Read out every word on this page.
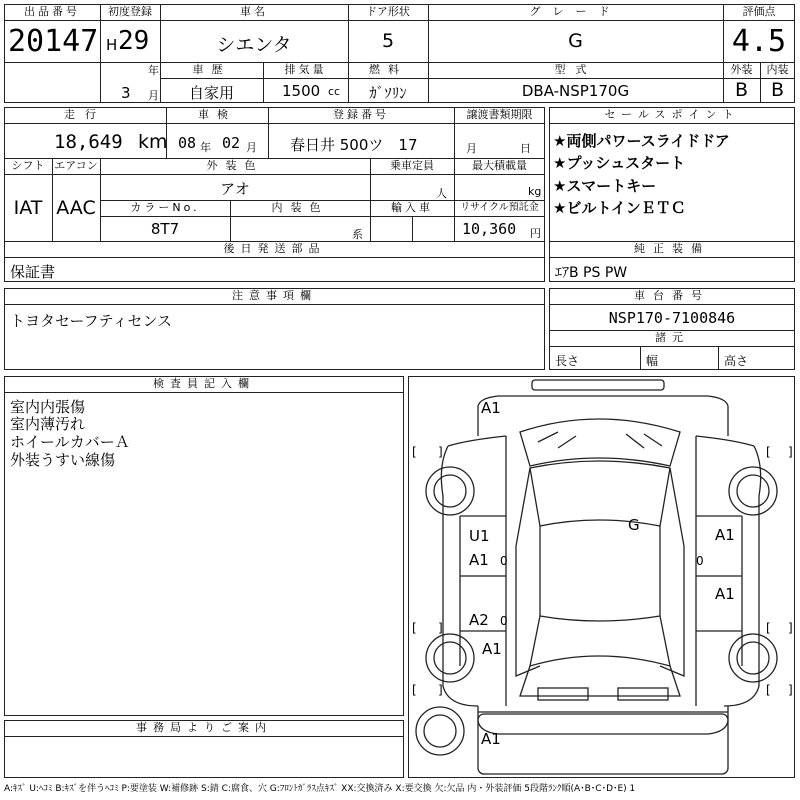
出品番号
20147
初度登録
H 29
年
3 月
車名
シエンタ
ドア形状
5
グレード
G
評価点
4.5
外装	内装
B	B
車歴
自家用
排気量
1500 cc
燃料
ｶﾞｿﾘﾝ
型式
DBA-NSP170G
走行
18,649 km
車検
08 年 02 月
登録番号
春日井 500ツ　17
譲渡書類期限
月	日
シフト
IAT
エアコン
AAC
外装色
アオ
乗車定員
人
最大積載量
kg
カラーNo.
8T7
内装色
系
輸入車	リサイクル預託金
10,360 円
後日発送部品
保証書
セールスポイント
★両側パワースライドドア
★プッシュスタート
★スマートキー
★ビルトインＥＴＣ
純正装備
ｴｱB PS PW
注意事項欄
トヨタセーフティセンス
車台番号
NSP170-7100846
諸元
長さ	幅	高さ
検査員記入欄
室内内張傷
室内薄汚れ
ホイールカバーＡ
外装うすい線傷
事務局よりご案内
[ ]	[ ]
[ ]	[ ]
[ ]	[ ]
A1
G
U1
A1 0
A2 0
A1
A1
0
A1
A1
A:ｷｽﾞ U:ﾍｺﾐ B:ｷｽﾞを伴うﾍｺﾐ P:要塗装 W:補修跡 S:錆 C:腐食、穴 G:ﾌﾛﾝﾄｶﾞﾗｽ点ｷｽﾞ XX:交換済み X:要交換 欠:欠品 内・外装評価 5段階ﾗﾝｸ順(A･B･C･D･E) 1
